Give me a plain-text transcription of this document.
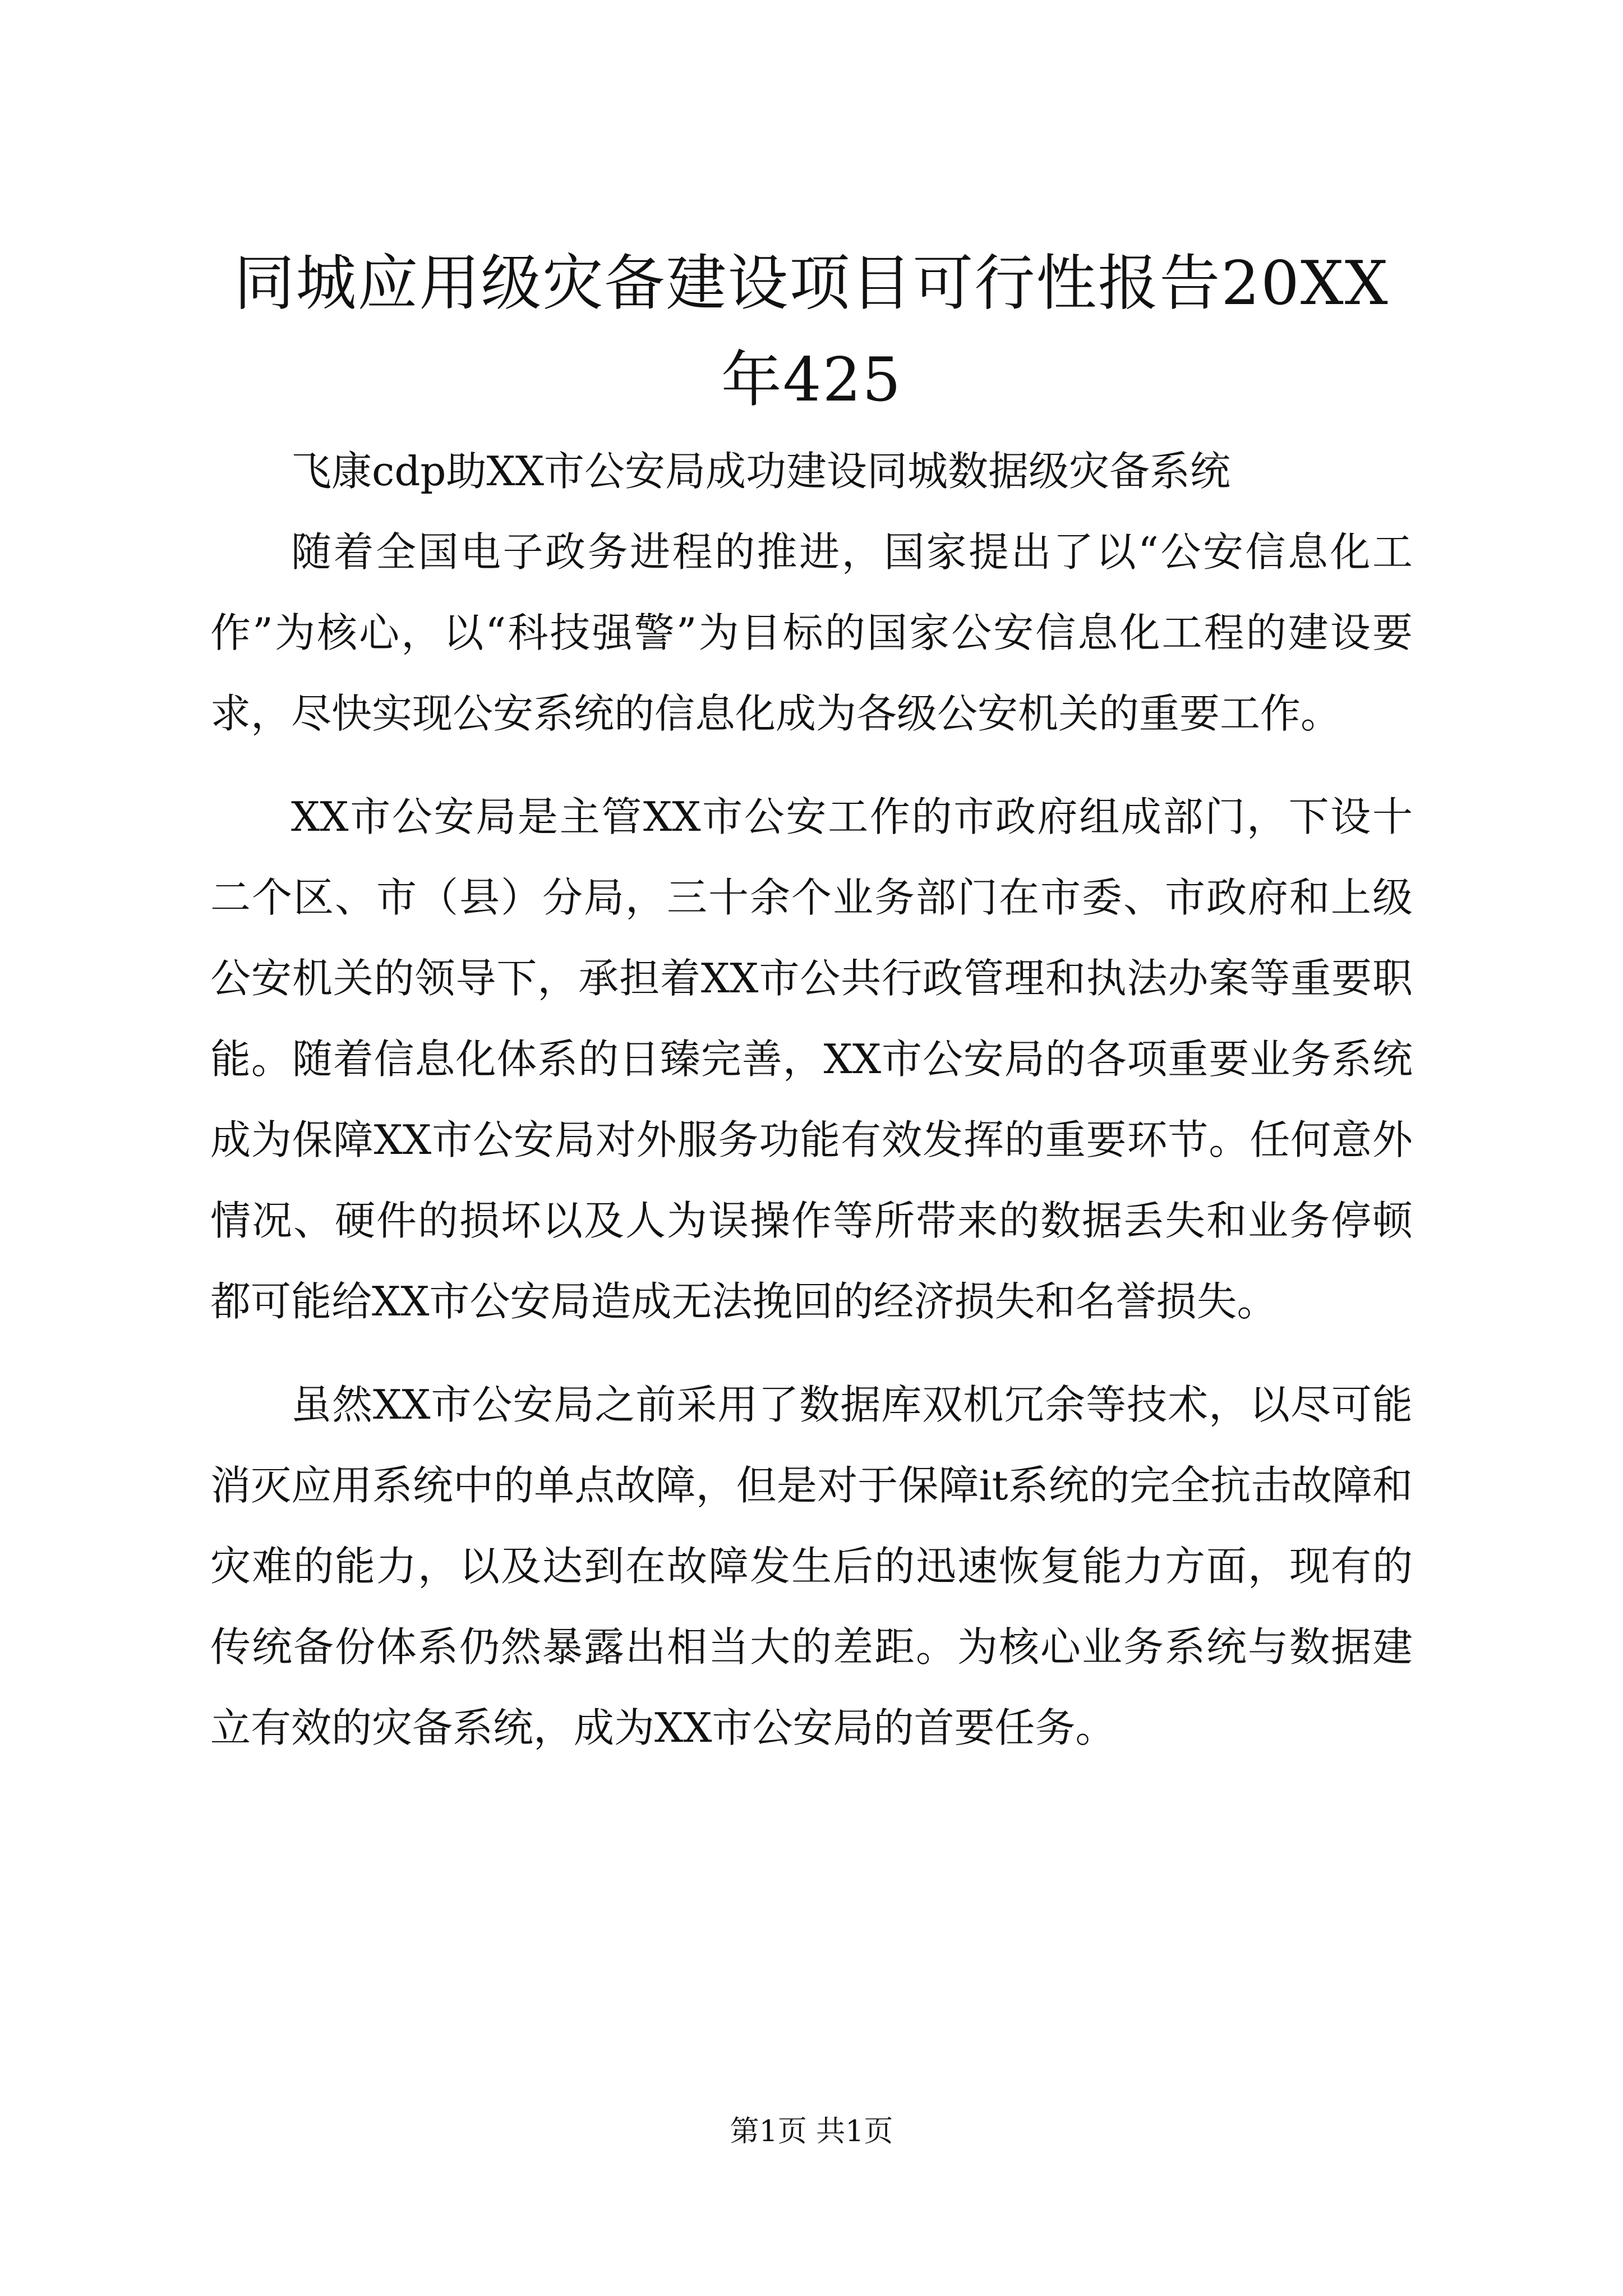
同城应用级灾备建设项目可行性报告20XX年425

飞康cdp助XX市公安局成功建设同城数据级灾备系统

随着全国电子政务进程的推进，国家提出了以“公安信息化工作”为核心，以“科技强警”为目标的国家公安信息化工程的建设要求，尽快实现公安系统的信息化成为各级公安机关的重要工作。

XX市公安局是主管XX市公安工作的市政府组成部门，下设十二个区、市（县）分局，三十余个业务部门在市委、市政府和上级公安机关的领导下，承担着XX市公共行政管理和执法办案等重要职能。随着信息化体系的日臻完善，XX市公安局的各项重要业务系统成为保障XX市公安局对外服务功能有效发挥的重要环节。任何意外情况、硬件的损坏以及人为误操作等所带来的数据丢失和业务停顿都可能给XX市公安局造成无法挽回的经济损失和名誉损失。

虽然XX市公安局之前采用了数据库双机冗余等技术，以尽可能消灭应用系统中的单点故障，但是对于保障it系统的完全抗击故障和灾难的能力，以及达到在故障发生后的迅速恢复能力方面，现有的传统备份体系仍然暴露出相当大的差距。为核心业务系统与数据建立有效的灾备系统，成为XX市公安局的首要任务。

第1页 共1页
